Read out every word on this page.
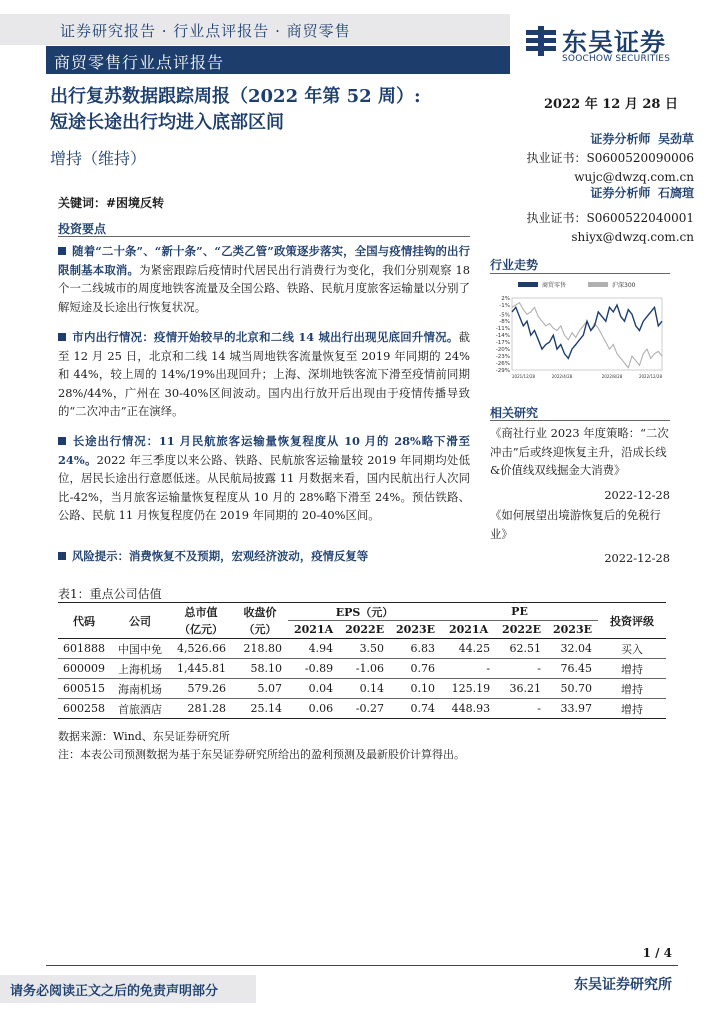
证券研究报告 · 行业点评报告 · 商贸零售
商贸零售行业点评报告
东吴证券
SOOCHOW SECURITIES
出行复苏数据跟踪周报（2022 年第 52 周）:
短途长途出行均进入底部区间
增持（维持）
2022 年 12 月 28 日
证券分析师 吴劲草
执业证书：S0600520090006
wujc@dwzq.com.cn
证券分析师 石旖瑄
执业证书：S0600522040001
shiyx@dwzq.com.cn
关键词：#困境反转
投资要点
随着“二十条”、“新十条”、“乙类乙管”政策逐步落实，全国与疫情挂钩的出行限制基本取消。为紧密跟踪后疫情时代居民出行消费行为变化，我们分别观察 18 个一二线城市的周度地铁客流量及全国公路、铁路、民航月度旅客运输量以分别了解短途及长途出行恢复状况。
市内出行情况：疫情开始较早的北京和二线 14 城出行出现见底回升情况。截至 12 月 25 日，北京和二线 14 城当周地铁客流量恢复至 2019 年同期的 24%和 44%，较上周的 14%/19%出现回升；上海、深圳地铁客流下滑至疫情前同期 28%/44%，广州在 30-40%区间波动。国内出行放开后出现由于疫情传播导致的“二次冲击”正在演绎。
长途出行情况：11 月民航旅客运输量恢复程度从 10 月的 28%略下滑至 24%。2022 年三季度以来公路、铁路、民航旅客运输量较 2019 年同期均处低位，居民长途出行意愿低迷。从民航局披露 11 月数据来看，国内民航出行人次同比-42%，当月旅客运输量恢复程度从 10 月的 28%略下滑至 24%。预估铁路、公路、民航 11 月恢复程度仍在 2019 年同期的 20-40%区间。
风险提示：消费恢复不及预期，宏观经济波动，疫情反复等
行业走势
商贸零售	沪深300
2%
-1%
-5%
-8%
-11%
-14%
-17%
-20%
-23%
-26%
-29%
2021/12/28	2022/4/28	2022/8/28	2022/12/28
相关研究
《商社行业 2023 年度策略：“二次冲击”后或终迎恢复主升，沿成长线&价值线双线掘金大消费》
2022-12-28
《如何展望出境游恢复后的免税行业》
2022-12-28
表1：重点公司估值
代码	公司	总市值	收盘价	EPS（元）			PE			投资评级
		（亿元）	（元）	2021A	2022E	2023E	2021A	2022E	2023E	
601888	中国中免	4,526.66	218.80	4.94	3.50	6.83	44.25	62.51	32.04	买入
600009	上海机场	1,445.81	58.10	-0.89	-1.06	0.76	-	-	76.45	增持
600515	海南机场	579.26	5.07	0.04	0.14	0.10	125.19	36.21	50.70	增持
600258	首旅酒店	281.28	25.14	0.06	-0.27	0.74	448.93	-	33.97	增持
数据来源：Wind、东吴证券研究所
注：本表公司预测数据为基于东吴证券研究所给出的盈利预测及最新股价计算得出。
1 / 4
请务必阅读正文之后的免责声明部分	东吴证券研究所
